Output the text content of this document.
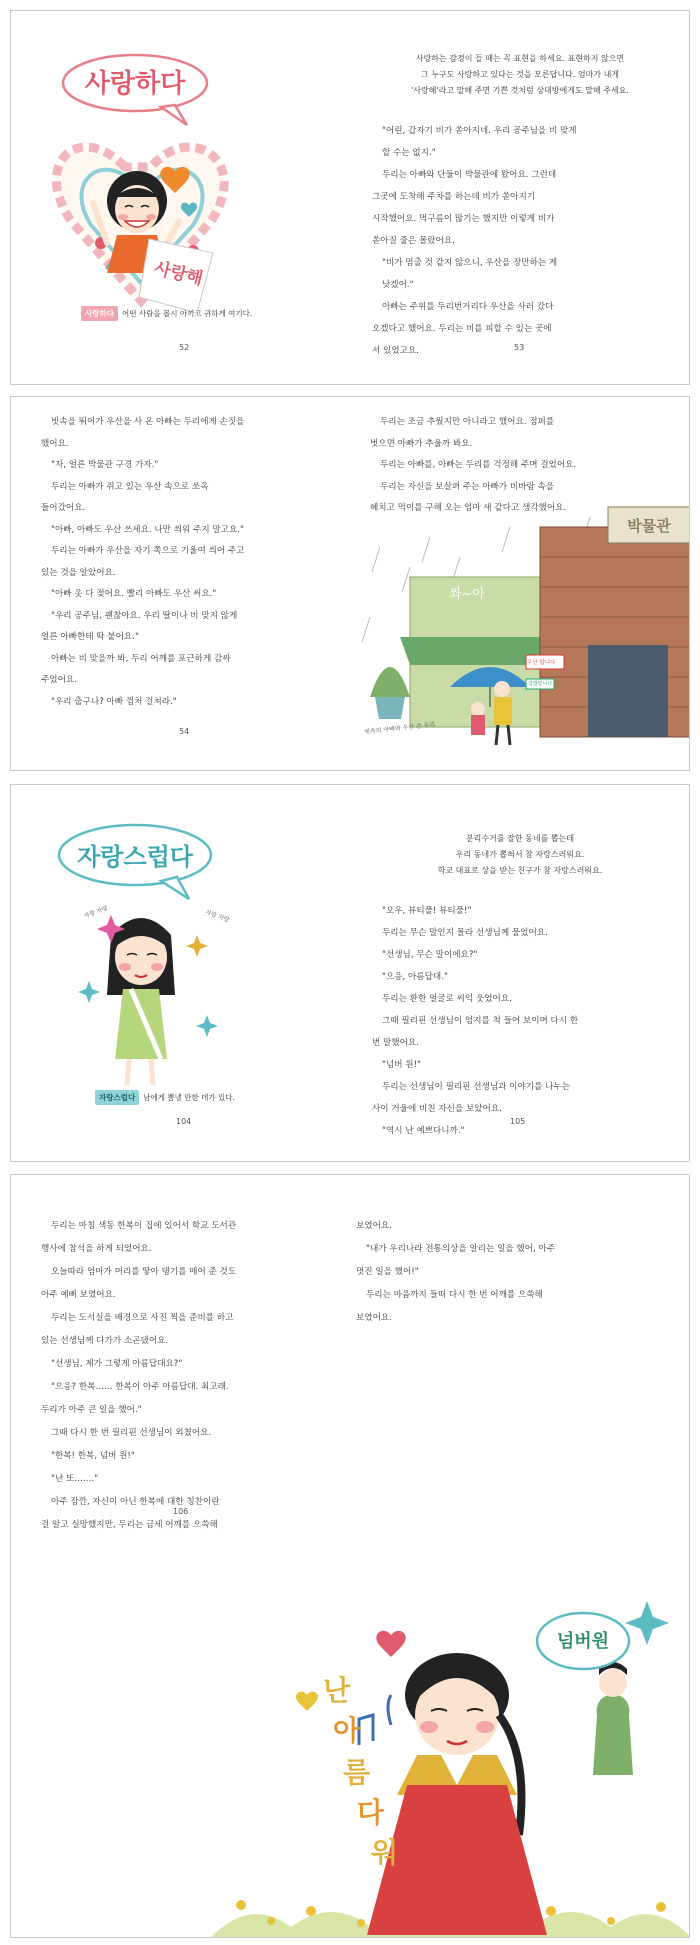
사랑하다
사랑해
사랑하다 어떤 사람을 몹시 아끼고 귀하게 여기다.
52
사랑하는 감정이 들 때는 꼭 표현을 하세요. 표현하지 않으면
그 누구도 사랑하고 있다는 것을 모른답니다. 엄마가 내게
'사랑해'라고 말해 주면 기쁜 것처럼 상대방에게도 말해 주세요.
"어린, 갑자기 비가 쏟아지네. 우리 공주님을 비 맞게
할 수는 없지."
두리는 아빠와 단둘이 박물관에 왔어요. 그런데
그곳에 도착해 주차를 하는데 비가 쏟아지기
시작했어요. 먹구름이 많기는 했지만 이렇게 비가
쏟아질 줄은 몰랐어요.
"비가 멈출 것 같지 않으니, 우산을 장만하는 게
낫겠어."
아빠는 주위를 두리번거리다 우산을 사러 갔다
오겠다고 했어요. 두리는 비를 피할 수 있는 곳에
서 있었고요.	53
빗속을 뛰어가 우산을 사 온 아빠는 두리에게 손짓을
했어요.
"자, 얼른 박물관 구경 가자."
두리는 아빠가 쥐고 있는 우산 속으로 쏘옥
들어갔어요.
"아빠, 아빠도 우산 쓰세요. 나만 씌워 주지 말고요."
두리는 아빠가 우산을 자기 쪽으로 기울여 씌어 주고
있는 것을 알았어요.
"아빠 옷 다 젖어요. 빨리 아빠도 우산 써요."
"우리 공주님, 괜찮아요. 우리 딸이나 비 맞지 않게
얼른 아빠한테 딱 붙어요."
아빠는 비 맞을까 봐, 두리 어깨를 포근하게 감싸
주었어요.
"우리 춥구나? 아빠 껌처 걸쳐라."
54
두리는 조금 추웠지만 아니라고 했어요. 점퍼를
벗으면 아빠가 추울까 봐요.
두리는 아빠를, 아빠는 두리를 걱정해 주며 걸었어요.
두리는 자신을 보살펴 주는 아빠가 비바람 속을
헤치고 먹이를 구해 오는 엄마 새 같다고 생각했어요.
박물관
쏴~아
우산 팝니다
김밥팝니다
빗속의 아빠와 우산 쓴 두리
자랑스럽다
자랑 자랑	자랑 자랑
자랑스럽다 남에게 뽐낼 만한 데가 있다.
104
분리수거를 잘한 동네를 뽑는데
우리 동네가 뽑혀서 참 자랑스러워요.
학교 대표로 상을 받는 친구가 참 자랑스러워요.
"오우, 뷰티풀! 뷰티풀!"
두리는 무슨 말인지 몰라 선생님께 물었어요.
"선생님, 무슨 말이에요?"
"으응, 아름답대."
두리는 환한 얼굴로 씨익 웃었어요.
그때 필리핀 선생님이 엄지를 척 들어 보이며 다시 한
번 말했어요.
"넘버 원!"
두리는 선생님이 필리핀 선생님과 이야기를 나누는
사이 거울에 비친 자신을 보았어요.
"역시 난 예쁘다니까."
105
두리는 마침 색동 한복이 집에 있어서 학교 도서관
행사에 참석을 하게 되었어요.
오늘따라 엄마가 머리를 땋아 댕기를 매어 준 것도
아주 예뻐 보였어요.
두리는 도서실을 배경으로 사진 찍을 준비를 하고
있는 선생님께 다가가 소곤댔어요.
"선생님, 제가 그렇게 아름답대요?"
"으응? 한복…… 한복이 아주 아름답대. 최고래.
두리가 아주 큰 일을 했어."
그때 다시 한 번 필리핀 선생님이 외쳤어요.
"한복! 한복, 넘버 원!"
"난 또……."
아주 잠깐, 자신이 아닌 한복에 대한 칭찬이란
걸 알고 실망했지만, 두리는 금세 어깨를 으쓱해
106
보였어요.
"내가 우리나라 전통의상을 알리는 일을 했어, 아주
멋진 일을 했어!"
두리는 마음까지 들떠 다시 한 번 어깨를 으쓱해
보였어요.
넘버원
난
아
름
다
워
